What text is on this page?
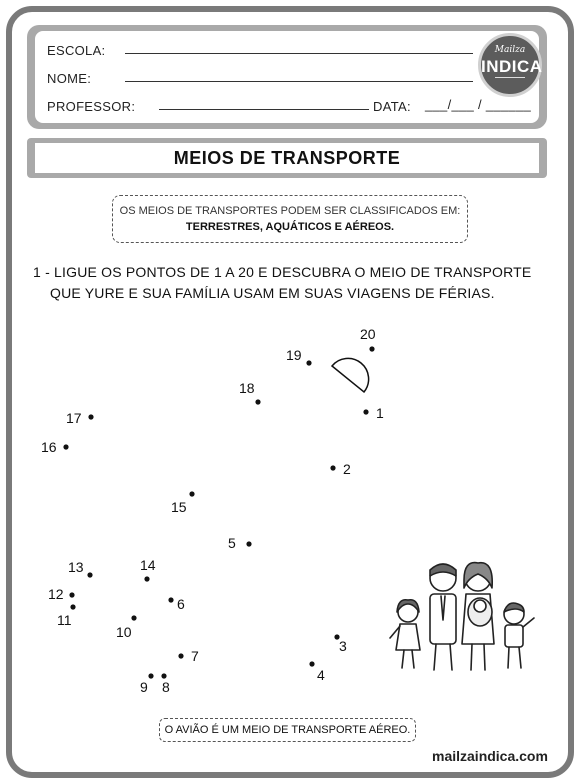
ESCOLA:
NOME:
PROFESSOR:	DATA: ___/___ / ______
Mailza
INDICA
MEIOS DE TRANSPORTE
OS MEIOS DE TRANSPORTES PODEM SER CLASSIFICADOS EM:
TERRESTRES, AQUÁTICOS E AÉREOS.
1 - LIGUE OS PONTOS DE 1 A 20 E DESCUBRA O MEIO DE TRANSPORTE
QUE YURE E SUA FAMÍLIA USAM EM SUAS VIAGENS DE FÉRIAS.
1
2
3
4
5
6
7
8
9
10
11
12
13	14
15
16
17
18
19
20
O AVIÃO É UM MEIO DE TRANSPORTE AÉREO.
mailzaindica.com
